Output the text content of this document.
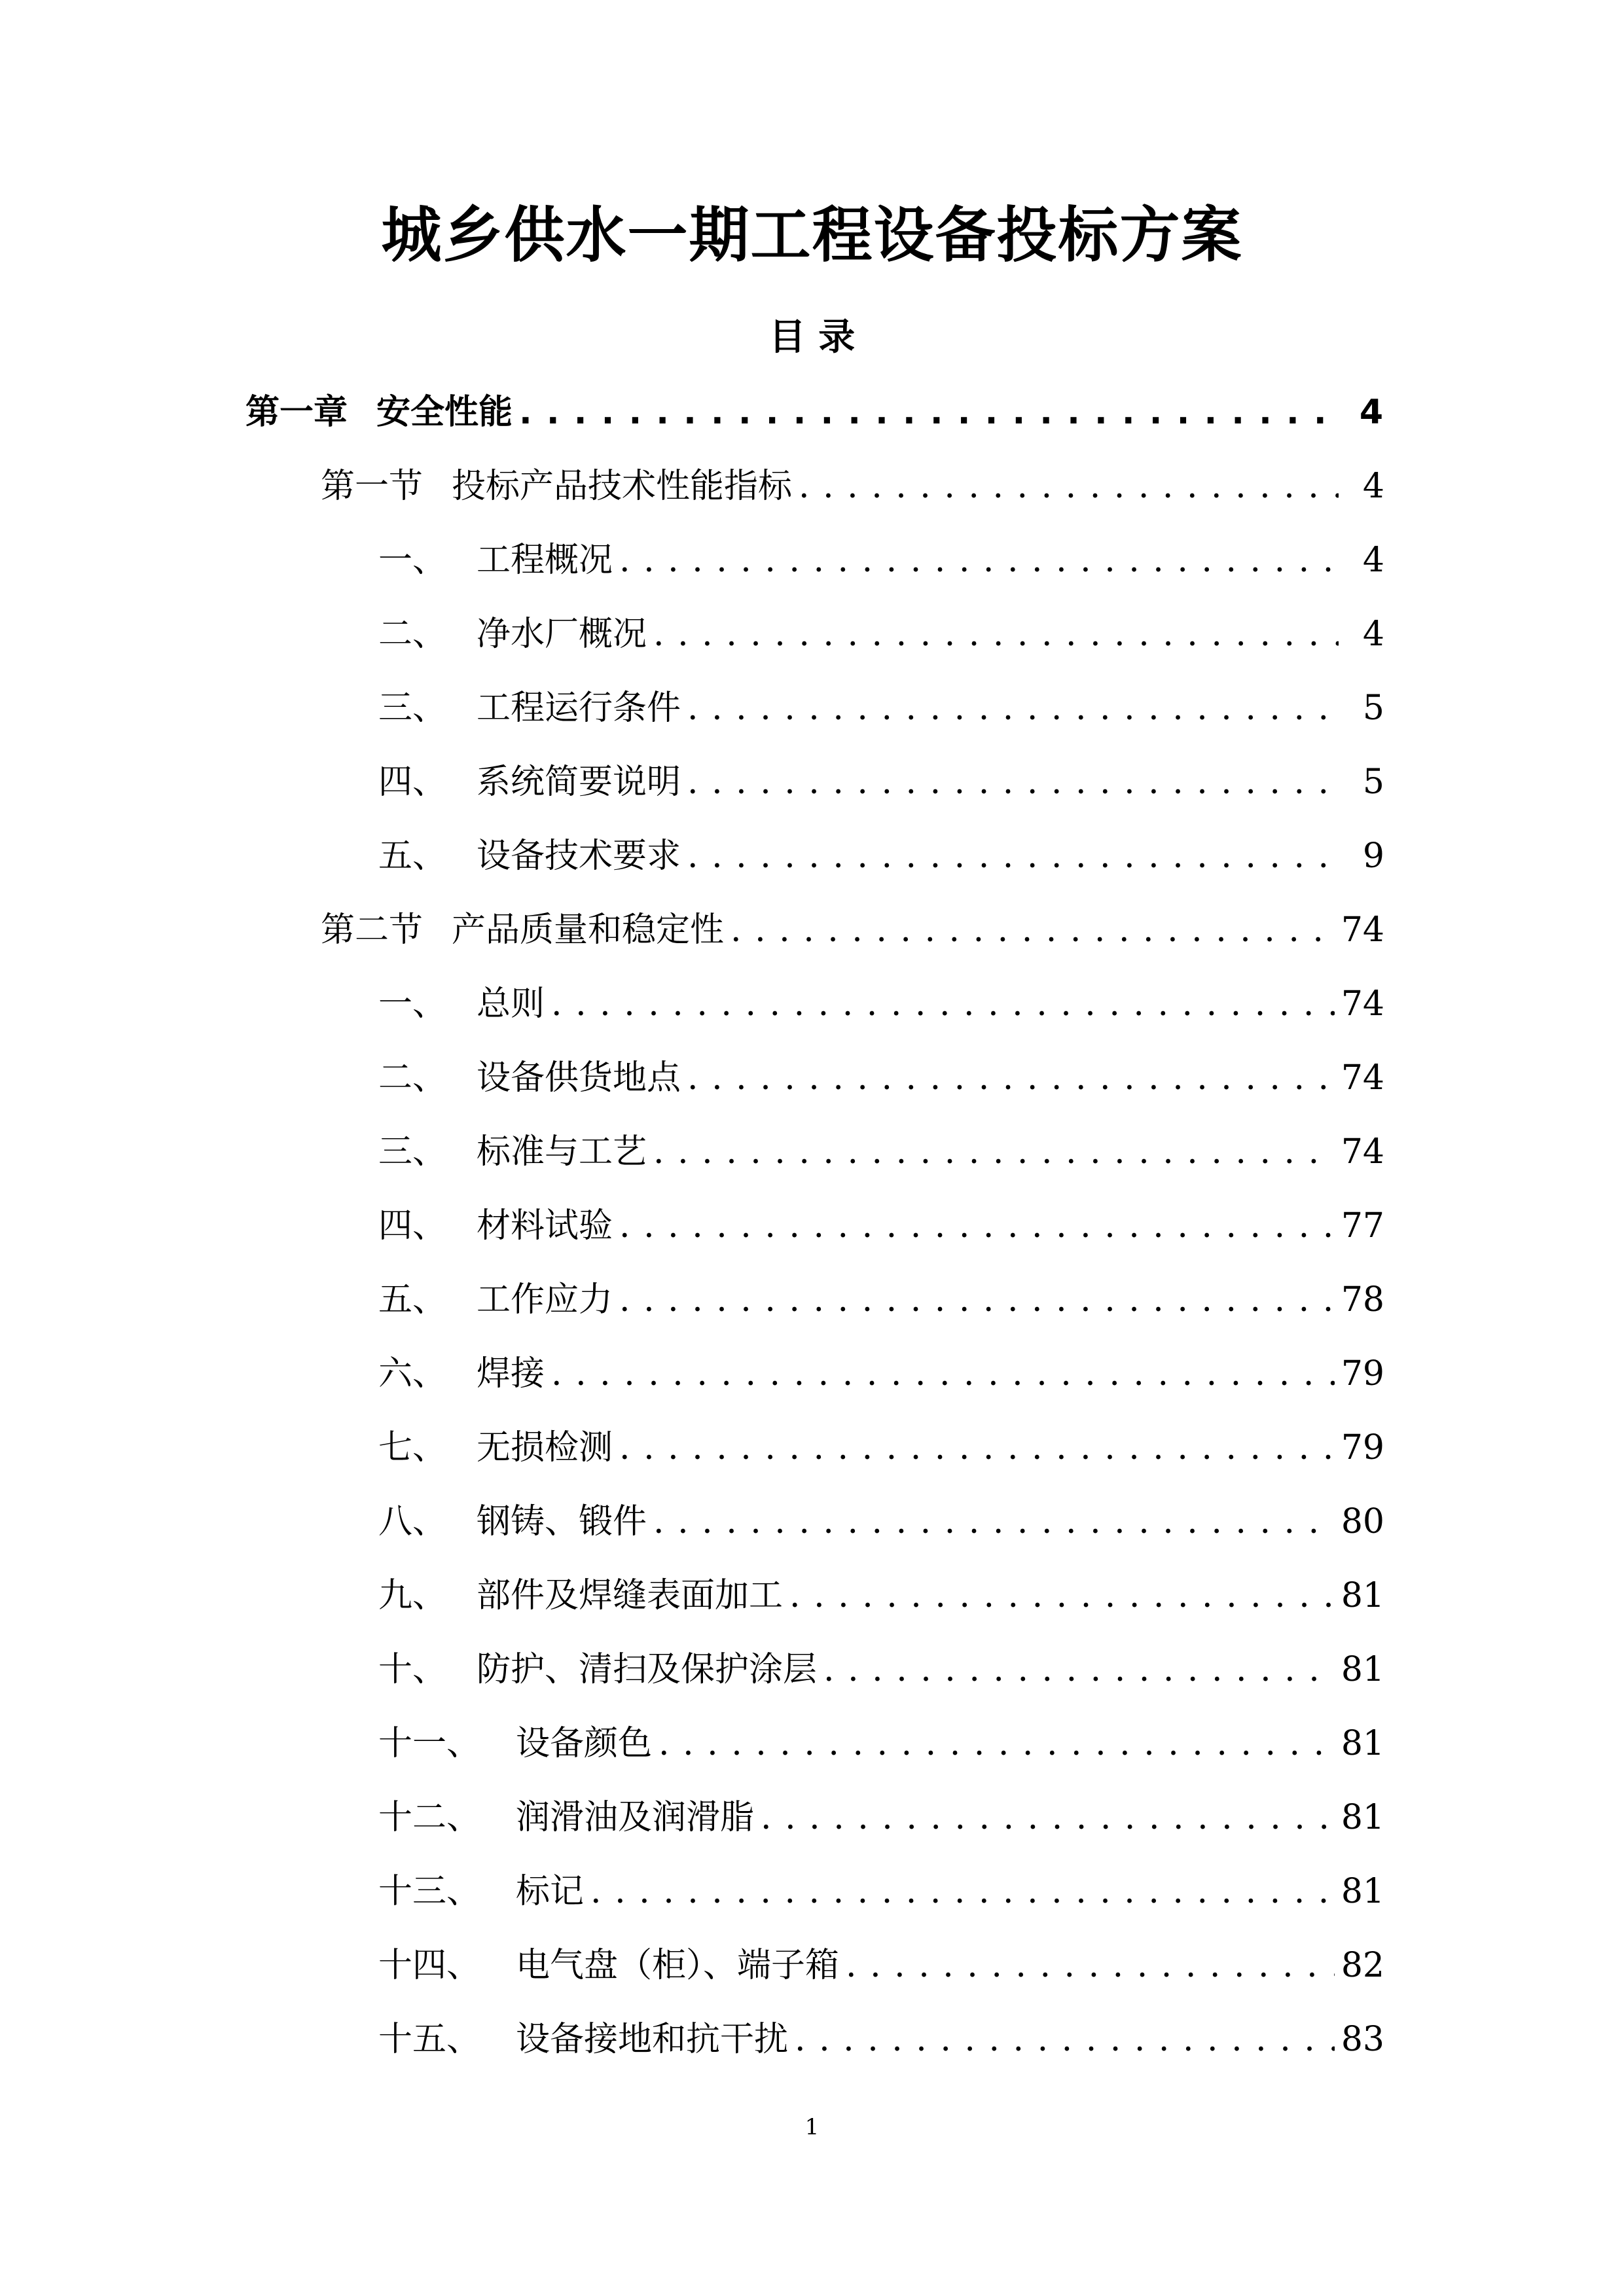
城乡供水一期工程设备投标方案
目 录
第一章 安全性能 . . .	4
第一节 投标产品技术性能指标 . . .	4
一、 工程概况 . . .	4
二、 净水厂概况 . . .	4
三、 工程运行条件 . . .	5
四、 系统简要说明 . . .	5
五、 设备技术要求 . . .	9
第二节 产品质量和稳定性 . . .	74
一、 总则 . . .	74
二、 设备供货地点 . . .	74
三、 标准与工艺 . . .	74
四、 材料试验 . . .	77
五、 工作应力 . . .	78
六、 焊接 . . .	79
七、 无损检测 . . .	79
八、 钢铸、锻件 . . .	80
九、 部件及焊缝表面加工 . . .	81
十、 防护、清扫及保护涂层 . . .	81
十一、	设备颜色 . . .	81
十二、	润滑油及润滑脂 . . .	81
十三、	标记 . . .	81
十四、	电气盘（柜）、端子箱 . . .	82
十五、	设备接地和抗干扰 . . .	83
1
